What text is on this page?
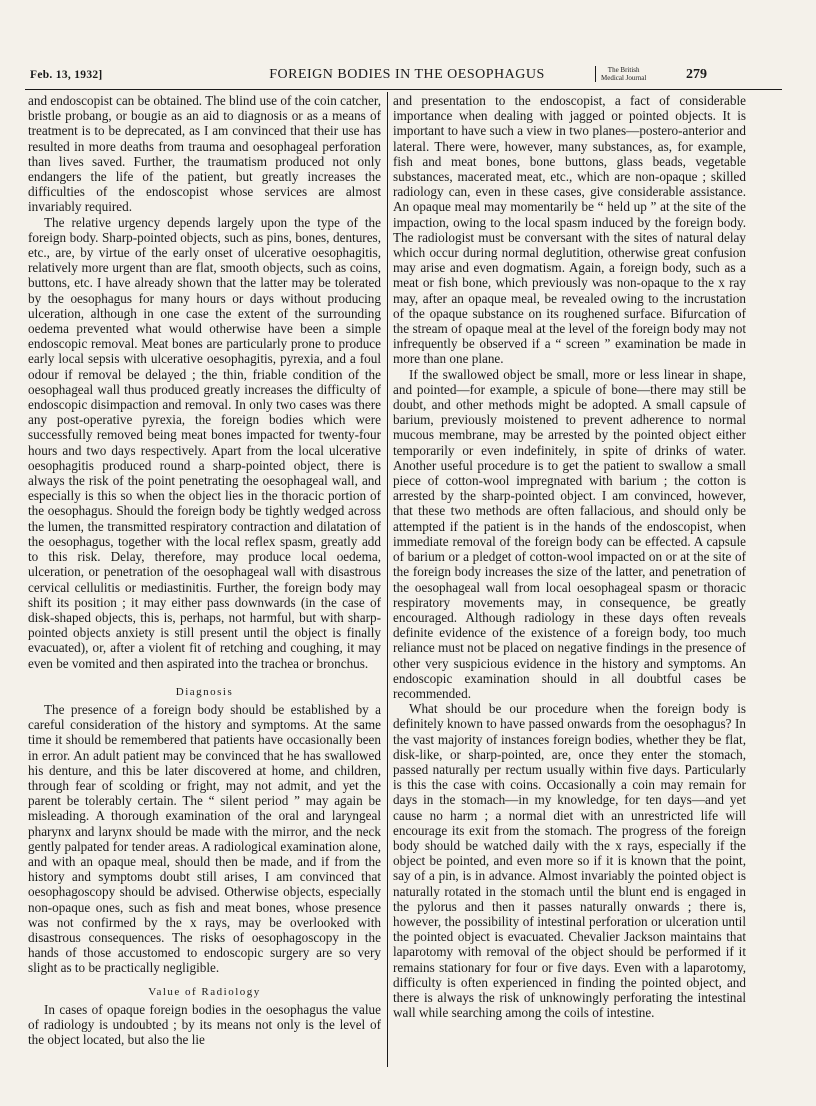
Feb. 13, 1932]	FOREIGN BODIES IN THE OESOPHAGUS	The British
Medical Journal	279

and endoscopist can be obtained. The blind use of the coin catcher, bristle probang, or bougie as an aid to diagnosis or as a means of treatment is to be deprecated, as I am convinced that their use has resulted in more deaths from trauma and oesophageal perforation than lives saved. Further, the traumatism produced not only endangers the life of the patient, but greatly increases the difficulties of the endoscopist whose services are almost invariably required.

The relative urgency depends largely upon the type of the foreign body. Sharp-pointed objects, such as pins, bones, dentures, etc., are, by virtue of the early onset of ulcerative oesophagitis, relatively more urgent than are flat, smooth objects, such as coins, buttons, etc. I have already shown that the latter may be tolerated by the oesophagus for many hours or days without producing ulceration, although in one case the extent of the surrounding oedema prevented what would otherwise have been a simple endoscopic removal. Meat bones are particularly prone to produce early local sepsis with ulcerative oesophagitis, pyrexia, and a foul odour if removal be delayed ; the thin, friable condition of the oesophageal wall thus produced greatly increases the difficulty of endoscopic disimpaction and removal. In only two cases was there any post-operative pyrexia, the foreign bodies which were successfully removed being meat bones impacted for twenty-four hours and two days respectively. Apart from the local ulcerative oesophagitis produced round a sharp-pointed object, there is always the risk of the point penetrating the oesophageal wall, and especially is this so when the object lies in the thoracic portion of the oesophagus. Should the foreign body be tightly wedged across the lumen, the transmitted respiratory contraction and dilatation of the oesophagus, together with the local reflex spasm, greatly add to this risk. Delay, therefore, may produce local oedema, ulceration, or penetration of the oesophageal wall with disastrous cervical cellulitis or mediastinitis. Further, the foreign body may shift its position ; it may either pass downwards (in the case of disk-shaped objects, this is, perhaps, not harmful, but with sharp-pointed objects anxiety is still present until the object is finally evacuated), or, after a violent fit of retching and coughing, it may even be vomited and then aspirated into the trachea or bronchus.

Diagnosis

The presence of a foreign body should be established by a careful consideration of the history and symptoms. At the same time it should be remembered that patients have occasionally been in error. An adult patient may be convinced that he has swallowed his denture, and this be later discovered at home, and children, through fear of scolding or fright, may not admit, and yet the parent be tolerably certain. The “ silent period ” may again be misleading. A thorough examination of the oral and laryngeal pharynx and larynx should be made with the mirror, and the neck gently palpated for tender areas. A radiological examination alone, and with an opaque meal, should then be made, and if from the history and symptoms doubt still arises, I am convinced that oesophagoscopy should be advised. Otherwise objects, especially non-opaque ones, such as fish and meat bones, whose presence was not confirmed by the x rays, may be overlooked with disastrous consequences. The risks of oesophagoscopy in the hands of those accustomed to endoscopic surgery are so very slight as to be practically negligible.

Value of Radiology

In cases of opaque foreign bodies in the oesophagus the value of radiology is undoubted ; by its means not only is the level of the object located, but also the lie

and presentation to the endoscopist, a fact of considerable importance when dealing with jagged or pointed objects. It is important to have such a view in two planes—postero-anterior and lateral. There were, however, many substances, as, for example, fish and meat bones, bone buttons, glass beads, vegetable substances, macerated meat, etc., which are non-opaque ; skilled radiology can, even in these cases, give considerable assistance. An opaque meal may momentarily be “ held up ” at the site of the impaction, owing to the local spasm induced by the foreign body. The radiologist must be conversant with the sites of natural delay which occur during normal deglutition, otherwise great confusion may arise and even dogmatism. Again, a foreign body, such as a meat or fish bone, which previously was non-opaque to the x ray may, after an opaque meal, be revealed owing to the incrustation of the opaque substance on its roughened surface. Bifurcation of the stream of opaque meal at the level of the foreign body may not infrequently be observed if a “ screen ” examination be made in more than one plane.

If the swallowed object be small, more or less linear in shape, and pointed—for example, a spicule of bone—there may still be doubt, and other methods might be adopted. A small capsule of barium, previously moistened to prevent adherence to normal mucous membrane, may be arrested by the pointed object either temporarily or even indefinitely, in spite of drinks of water. Another useful procedure is to get the patient to swallow a small piece of cotton-wool impregnated with barium ; the cotton is arrested by the sharp-pointed object. I am convinced, however, that these two methods are often fallacious, and should only be attempted if the patient is in the hands of the endoscopist, when immediate removal of the foreign body can be effected. A capsule of barium or a pledget of cotton-wool impacted on or at the site of the foreign body increases the size of the latter, and penetration of the oesophageal wall from local oesophageal spasm or thoracic respiratory movements may, in consequence, be greatly encouraged. Although radiology in these days often reveals definite evidence of the existence of a foreign body, too much reliance must not be placed on negative findings in the presence of other very suspicious evidence in the history and symptoms. An endoscopic examination should in all doubtful cases be recommended.

What should be our procedure when the foreign body is definitely known to have passed onwards from the oesophagus? In the vast majority of instances foreign bodies, whether they be flat, disk-like, or sharp-pointed, are, once they enter the stomach, passed naturally per rectum usually within five days. Particularly is this the case with coins. Occasionally a coin may remain for days in the stomach—in my knowledge, for ten days—and yet cause no harm ; a normal diet with an unrestricted life will encourage its exit from the stomach. The progress of the foreign body should be watched daily with the x rays, especially if the object be pointed, and even more so if it is known that the point, say of a pin, is in advance. Almost invariably the pointed object is naturally rotated in the stomach until the blunt end is engaged in the pylorus and then it passes naturally onwards ; there is, however, the possibility of intestinal perforation or ulceration until the pointed object is evacuated. Chevalier Jackson maintains that laparotomy with removal of the object should be performed if it remains stationary for four or five days. Even with a laparotomy, difficulty is often experienced in finding the pointed object, and there is always the risk of unknowingly perforating the intestinal wall while searching among the coils of intestine.
